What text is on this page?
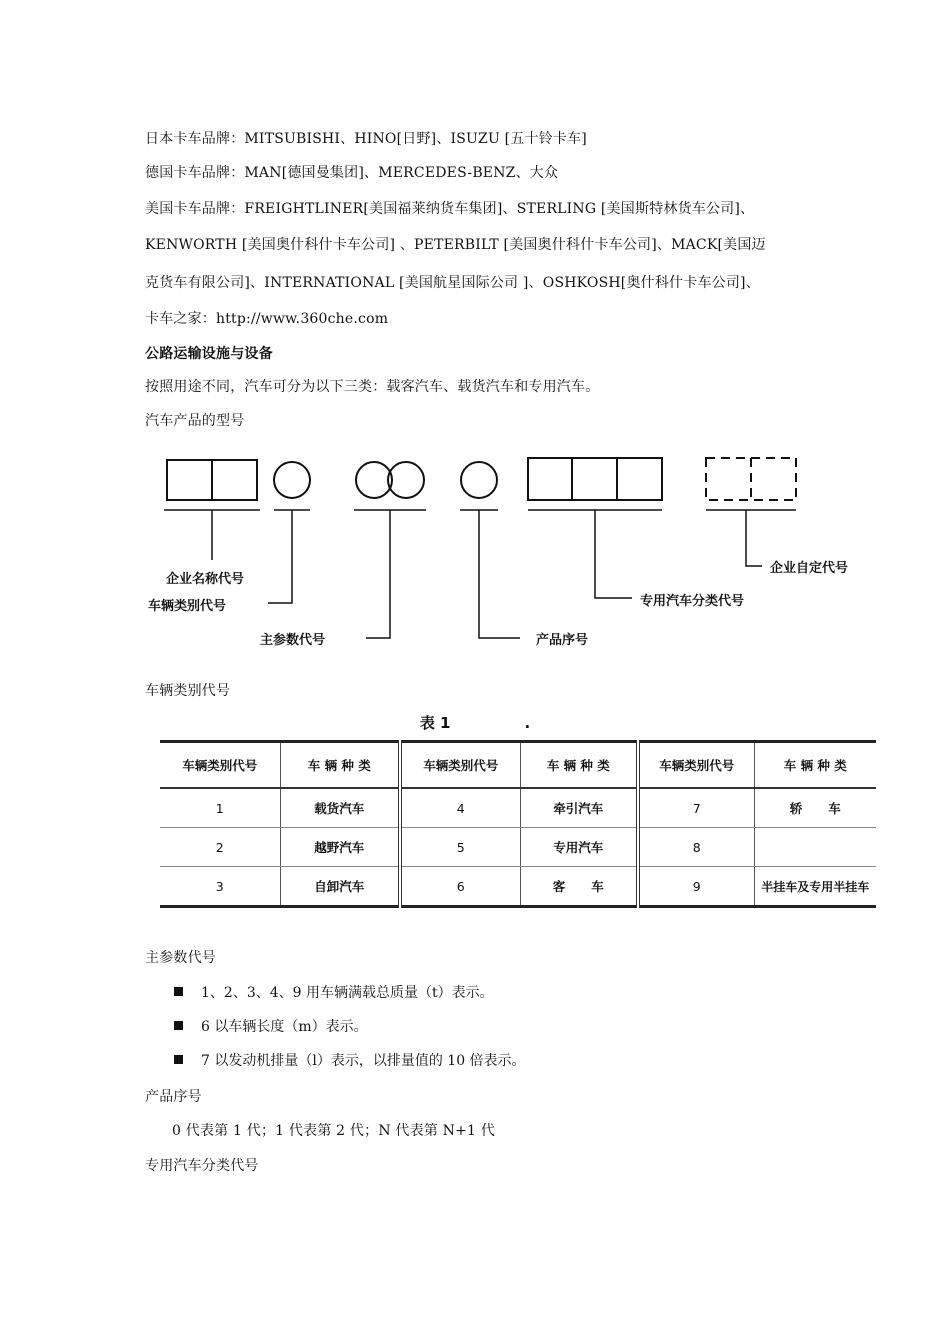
日本卡车品牌：MITSUBISHI、HINO[日野]、ISUZU [五十铃卡车]
德国卡车品牌：MAN[德国曼集团]、MERCEDES-BENZ、大众
美国卡车品牌：FREIGHTLINER[美国福莱纳货车集团]、STERLING [美国斯特林货车公司]、
KENWORTH [美国奥什科什卡车公司] 、PETERBILT [美国奥什科什卡车公司]、MACK[美国迈
克货车有限公司]、INTERNATIONAL [美国航星国际公司 ]、OSHKOSH[奥什科什卡车公司]、
卡车之家：http://www.360che.com
公路运输设施与设备
按照用途不同，汽车可分为以下三类：载客汽车、载货汽车和专用汽车。
汽车产品的型号
企业名称代号
车辆类别代号
主参数代号	产品序号
专用汽车分类代号
企业自定代号
车辆类别代号
表 1	.
车辆类别代号	车 辆 种 类	车辆类别代号	车 辆 种 类	车辆类别代号	车 辆 种 类
1	载货汽车	4	牵引汽车	7	轿      车
2	越野汽车	5	专用汽车	8	
3	自卸汽车	6	客      车	9	半挂车及专用半挂车
主参数代号
1、2、3、4、9 用车辆满载总质量（t）表示。
6 以车辆长度（m）表示。
7 以发动机排量（l）表示，以排量值的 10 倍表示。
产品序号
0 代表第 1 代；1 代表第 2 代；N 代表第 N+1 代
专用汽车分类代号
